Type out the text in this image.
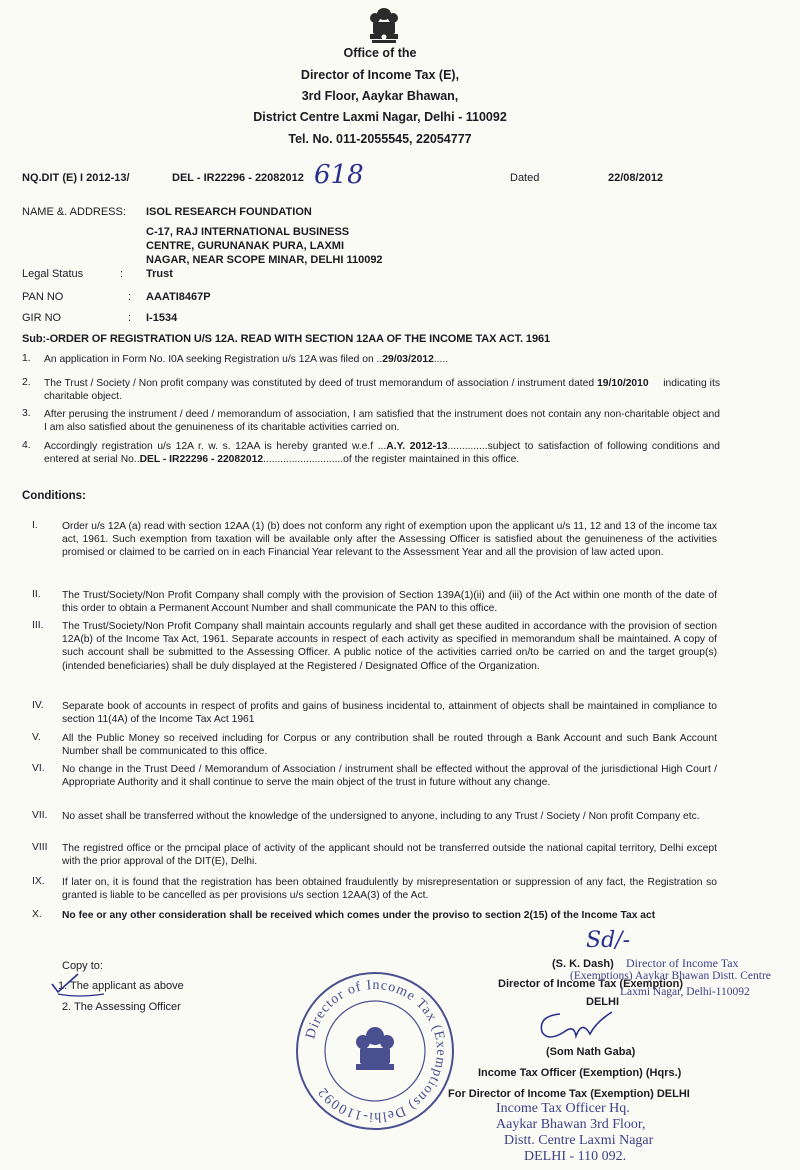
Office of the
Director of Income Tax (E),
3rd Floor, Aaykar Bhawan,
District Centre Laxmi Nagar, Delhi - 110092
Tel. No. 011-2055545, 22054777
NQ.DIT (E) I 2012-13/	DEL - IR22296 - 22082012 618	Dated	22/08/2012
NAME &. ADDRESS: ISOL RESEARCH FOUNDATION
C-17, RAJ INTERNATIONAL BUSINESS
CENTRE, GURUNANAK PURA, LAXMI
NAGAR, NEAR SCOPE MINAR, DELHI 110092
Legal Status	: Trust
PAN NO	: AAATI8467P
GIR NO	: I-1534
Sub:-ORDER OF REGISTRATION U/S 12A. READ WITH SECTION 12AA OF THE INCOME TAX ACT. 1961
1. An application in Form No. I0A seeking Registration u/s 12A was filed on ..29/03/2012.....
2. The Trust / Society / Non profit company was constituted by deed of trust memorandum of association / instrument dated 19/10/2010 indicating its charitable object.
3. After perusing the instrument / deed / memorandum of association, I am satisfied that the instrument does not contain any non-charitable object and I am also satisfied about the genuineness of its charitable activities carried on.
4. Accordingly registration u/s 12A r. w. s. 12AA is hereby granted w.e.f ...A.Y. 2012-13..............subject to satisfaction of following conditions and entered at serial No..DEL - IR22296 - 22082012............................of the register maintained in this office.
Conditions:
I. Order u/s 12A (a) read with section 12AA (1) (b) does not conform any right of exemption upon the applicant u/s 11, 12 and 13 of the income tax act, 1961. Such exemption from taxation will be available only after the Assessing Officer is satisfied about the genuineness of the activities promised or claimed to be carried on in each Financial Year relevant to the Assessment Year and all the provision of law acted upon.
II. The Trust/Society/Non Profit Company shall comply with the provision of Section 139A(1)(ii) and (iii) of the Act within one month of the date of this order to obtain a Permanent Account Number and shall communicate the PAN to this office.
III. The Trust/Society/Non Profit Company shall maintain accounts regularly and shall get these audited in accordance with the provision of section 12A(b) of the Income Tax Act, 1961. Separate accounts in respect of each activity as specified in memorandum shall be maintained. A copy of such account shall be submitted to the Assessing Officer. A public notice of the activities carried on/to be carried on and the target group(s) (intended beneficiaries) shall be duly displayed at the Registered / Designated Office of the Organization.
IV. Separate book of accounts in respect of profits and gains of business incidental to, attainment of objects shall be maintained in compliance to section 11(4A) of the Income Tax Act 1961
V. All the Public Money so received including for Corpus or any contribution shall be routed through a Bank Account and such Bank Account Number shall be communicated to this office.
VI. No change in the Trust Deed / Memorandum of Association / instrument shall be effected without the approval of the jurisdictional High Court / Appropriate Authority and it shall continue to serve the main object of the trust in future without any change.
VII. No asset shall be transferred without the knowledge of the undersigned to anyone, including to any Trust / Society / Non profit Company etc.
VIII The registred office or the prncipal place of activity of the applicant should not be transferred outside the national capital territory, Delhi except with the prior approval of the DIT(E), Delhi.
IX. If later on, it is found that the registration has been obtained fraudulently by misrepresentation or suppression of any fact, the Registration so granted is liable to be cancelled as per provisions u/s section 12AA(3) of the Act.
X. No fee or any other consideration shall be received which comes under the proviso to section 2(15) of the Income Tax act
Copy to:
1. The applicant as above
2. The Assessing Officer
Director of Income Tax (Exemptions) Delhi-110092
Sd/-
(S. K. Dash)
Director of Income Tax (Exemption)
DELHI
Director of Income Tax
(Exemptions) Aaykar Bhawan Distt. Centre
Laxmi Nagar, Delhi-110092
(Som Nath Gaba)
Income Tax Officer (Exemption) (Hqrs.)
For Director of Income Tax (Exemption) DELHI
Income Tax Officer Hq.
Aaykar Bhawan 3rd Floor,
Distt. Centre Laxmi Nagar
DELHI - 110 092.
